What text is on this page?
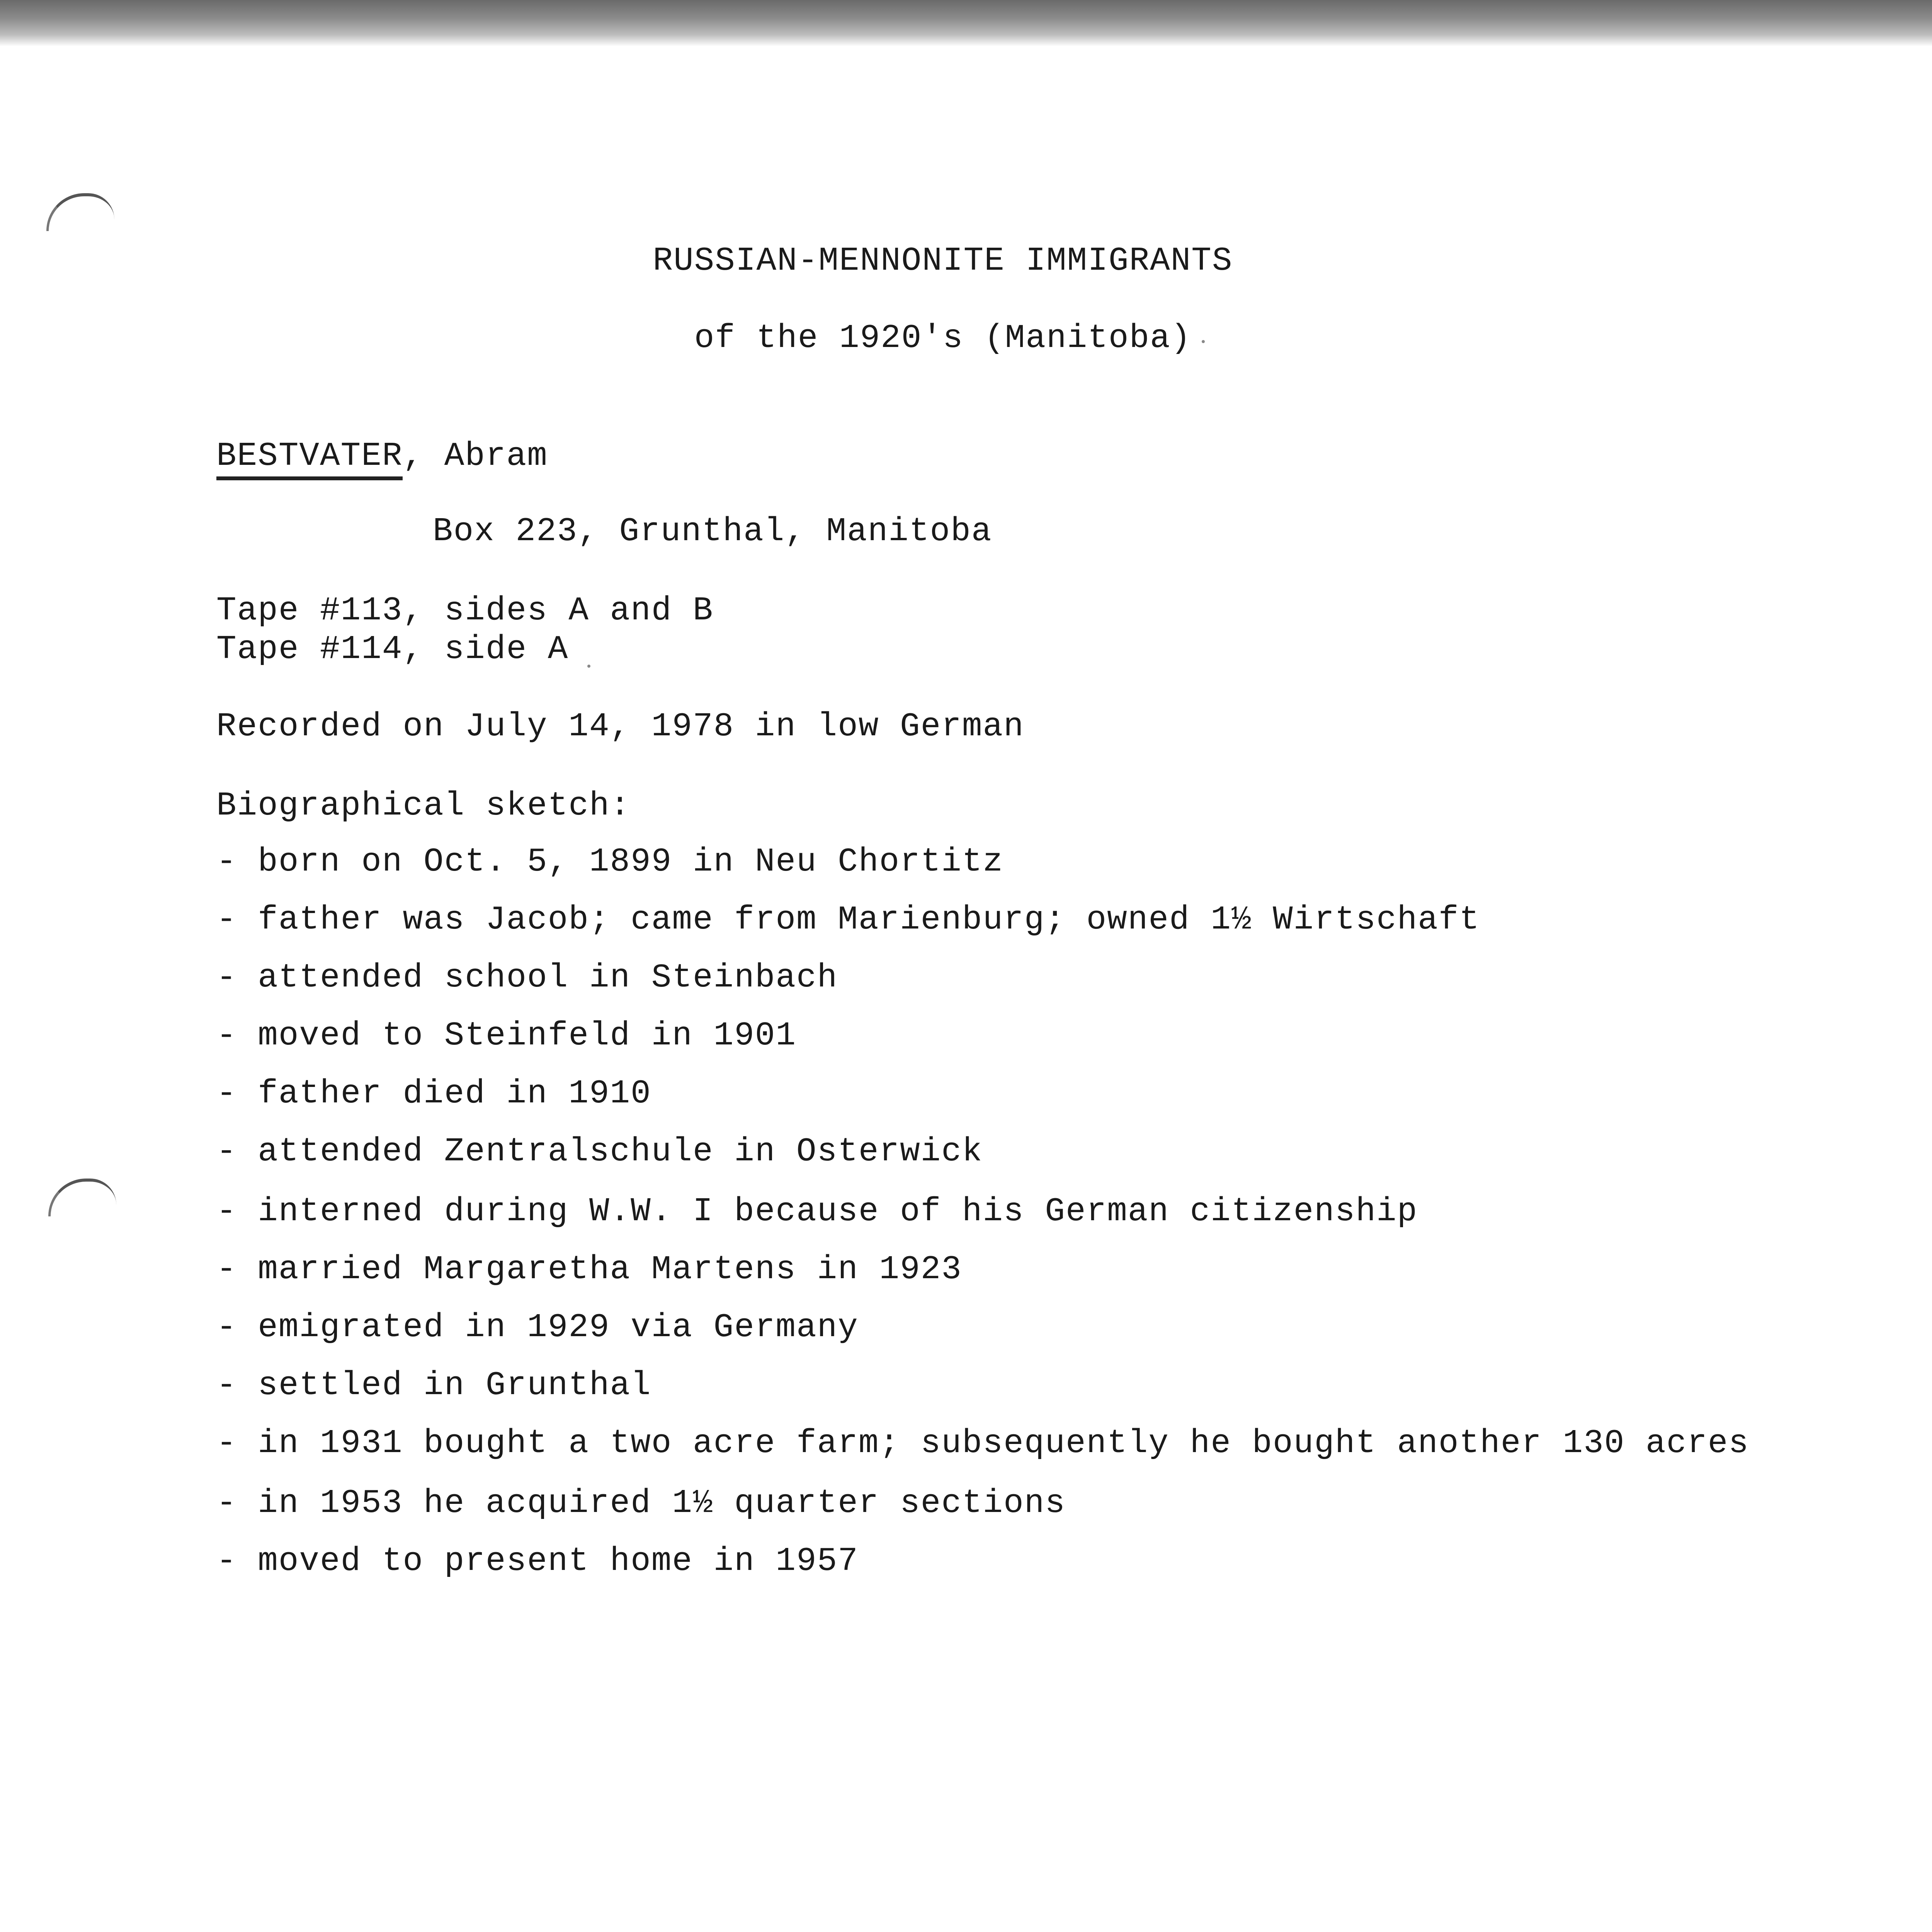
RUSSIAN-MENNONITE IMMIGRANTS
of the 1920's (Manitoba)
BESTVATER, Abram
Box 223, Grunthal, Manitoba
Tape #113, sides A and B
Tape #114, side A
Recorded on July 14, 1978 in low German
Biographical sketch:
- born on Oct. 5, 1899 in Neu Chortitz
- father was Jacob; came from Marienburg; owned 1½ Wirtschaft
- attended school in Steinbach
- moved to Steinfeld in 1901
- father died in 1910
- attended Zentralschule in Osterwick
- interned during W.W. I because of his German citizenship
- married Margaretha Martens in 1923
- emigrated in 1929 via Germany
- settled in Grunthal
- in 1931 bought a two acre farm; subsequently he bought another 130 acres
- in 1953 he acquired 1½ quarter sections
- moved to present home in 1957
